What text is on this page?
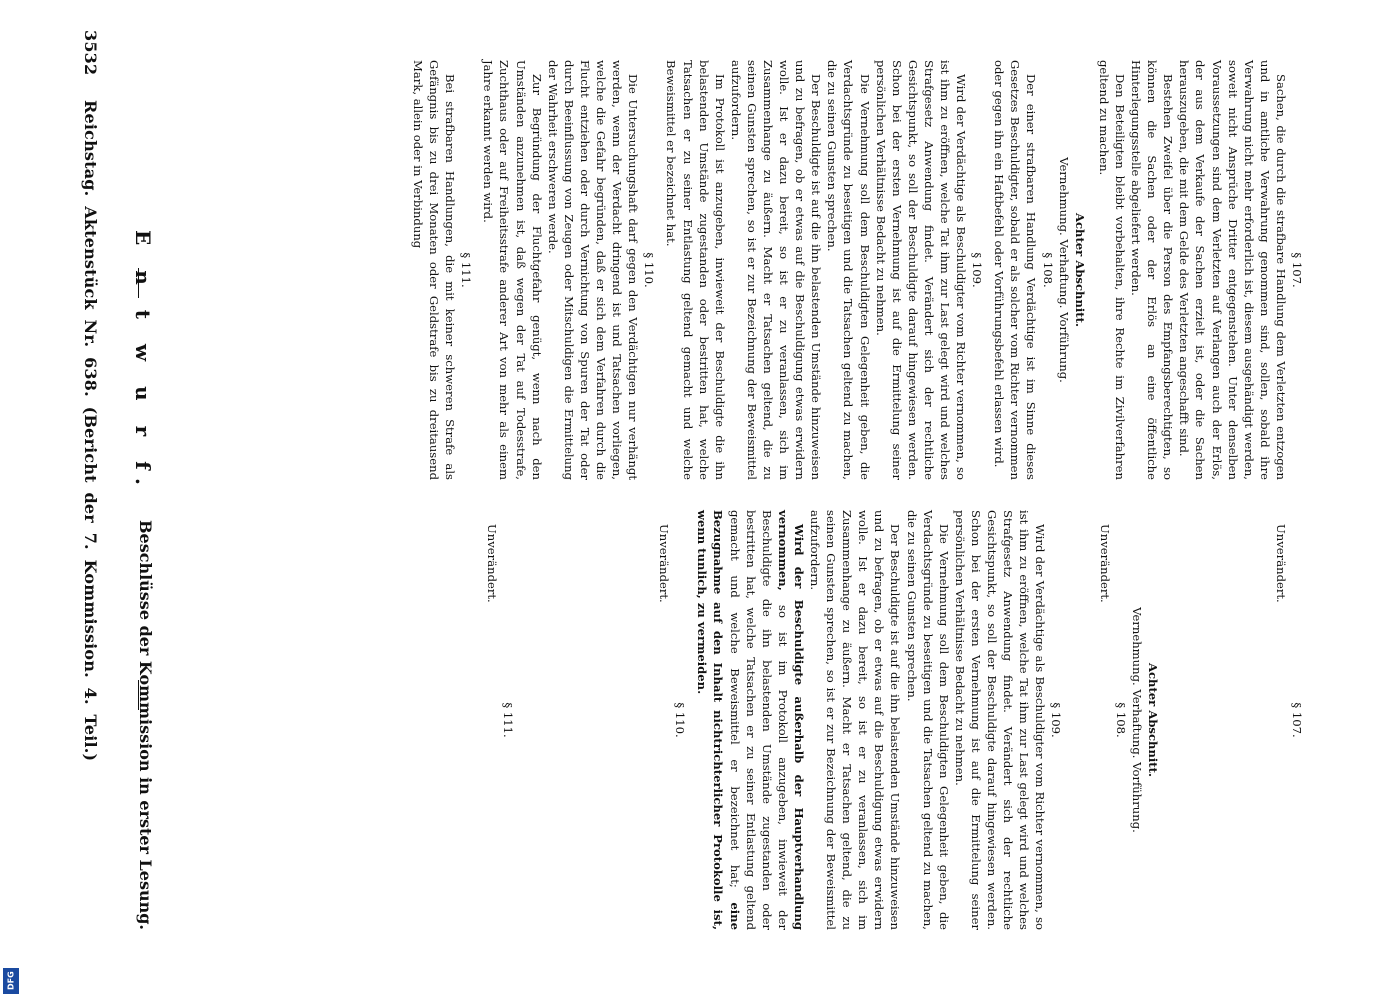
3532

Reichstag. Aktenstück Nr. 638. (Bericht der 7. Kommission. 4. Teil.) E n t w u r f.

Beschlüsse der Kommission in erster Lesung.

§ 107.

Sachen, die durch die strafbare Handlung dem Verletzten entzogen und in amtliche Verwahrung genommen sind, sollen, sobald ihre Verwahrung nicht mehr erforderlich ist, diesem ausgehändigt werden, soweit nicht Ansprüche Dritter entgegenstehen. Unter denselben Voraussetzungen sind dem Verletzten auf Verlangen auch der Erlös, der aus dem Verkaufe der Sachen erzielt ist, oder die Sachen herauszugeben, die mit dem Gelde des Verletzten angeschafft sind.

Bestehen Zweifel über die Person des Empfangsberechtigten, so können die Sachen oder der Erlös an eine öffentliche Hinterlegungsstelle abgeliefert werden.

Den Beteiligten bleibt vorbehalten, ihre Rechte im Zivilverfahren geltend zu machen.

Achter Abschnitt.

Vernehmung. Verhaftung. Vorführung.

§ 108.

Der einer strafbaren Handlung Verdächtige ist im Sinne dieses Gesetzes Beschuldigter, sobald er als solcher vom Richter vernommen oder gegen ihn ein Haftbefehl oder Vorführungsbefehl erlassen wird.

§ 109.

Wird der Verdächtige als Beschuldigter vom Richter vernommen, so ist ihm zu eröffnen, welche Tat ihm zur Last gelegt wird und welches Strafgesetz Anwendung findet. Verändert sich der rechtliche Gesichtspunkt, so soll der Beschuldigte darauf hingewiesen werden. Schon bei der ersten Vernehmung ist auf die Ermittelung seiner persönlichen Verhältnisse Bedacht zu nehmen.

Die Vernehmung soll dem Beschuldigten Gelegenheit geben, die Verdachtsgründe zu beseitigen und die Tatsachen geltend zu machen, die zu seinen Gunsten sprechen.

Der Beschuldigte ist auf die ihn belastenden Umstände hinzuweisen und zu befragen, ob er etwas auf die Beschuldigung etwas erwidern wolle. Ist er dazu bereit, so ist er zu veranlassen, sich im Zusammenhange zu äußern. Macht er Tatsachen geltend, die zu seinen Gunsten sprechen, so ist er zur Bezeichnung der Beweismittel aufzufordern.

Im Protokoll ist anzugeben, inwieweit der Beschuldigte die ihn belastenden Umstände zugestanden oder bestritten hat, welche Tatsachen er zu seiner Entlastung geltend gemacht und welche Beweismittel er bezeichnet hat.

§ 110.

Die Untersuchungshaft darf gegen den Verdächtigen nur verhängt werden, wenn der Verdacht dringend ist und Tatsachen vorliegen, welche die Gefahr begründen, daß er sich dem Verfahren durch die Flucht entziehen oder durch Vernichtung von Spuren der Tat oder durch Beeinflussung von Zeugen oder Mitschuldigen die Ermittelung der Wahrheit erschweren werde.

Zur Begründung der Fluchtgefahr genügt, wenn nach den Umständen anzunehmen ist, daß wegen der Tat auf Todesstrafe, Zuchthaus oder auf Freiheitsstrafe anderer Art von mehr als einem Jahre erkannt werden wird.

§ 111.

Bei strafbaren Handlungen, die mit keiner schweren Strafe als Gefängnis bis zu drei Monaten oder Geldstrafe bis zu dreitausend Mark, allein oder in Verbindung

§ 107.

Unverändert.

Achter Abschnitt.

Vernehmung. Verhaftung. Vorführung.

§ 108.

Unverändert.

§ 109.

Wird der Verdächtige als Beschuldigter vom Richter vernommen, so ist ihm zu eröffnen, welche Tat ihm zur Last gelegt wird und welches Strafgesetz Anwendung findet. Verändert sich der rechtliche Gesichtspunkt, so soll der Beschuldigte darauf hingewiesen werden. Schon bei der ersten Vernehmung ist auf die Ermittelung seiner persönlichen Verhältnisse Bedacht zu nehmen.

Die Vernehmung soll dem Beschuldigten Gelegenheit geben, die Verdachtsgründe zu beseitigen und die Tatsachen geltend zu machen, die zu seinen Gunsten sprechen.

Der Beschuldigte ist auf die ihn belastenden Umstände hinzuweisen und zu befragen, ob er etwas auf die Beschuldigung etwas erwidern wolle. Ist er dazu bereit, so ist er zu veranlassen, sich im Zusammenhange zu äußern. Macht er Tatsachen geltend, die zu seinen Gunsten sprechen, so ist er zur Bezeichnung der Beweismittel aufzufordern.

Wird der Beschuldigte außerhalb der Hauptverhandlung vernommen, so ist im Protokoll anzugeben, inwieweit der Beschuldigte die ihn belastenden Umstände zugestanden oder bestritten hat, welche Tatsachen er zu seiner Entlastung geltend gemacht und welche Beweismittel er bezeichnet hat; eine Bezugnahme auf den Inhalt nichtrichterlicher Protokolle ist, wenn tunlich, zu vermeiden.

§ 110.

Unverändert.

§ 111.

Unverändert.

DFG
